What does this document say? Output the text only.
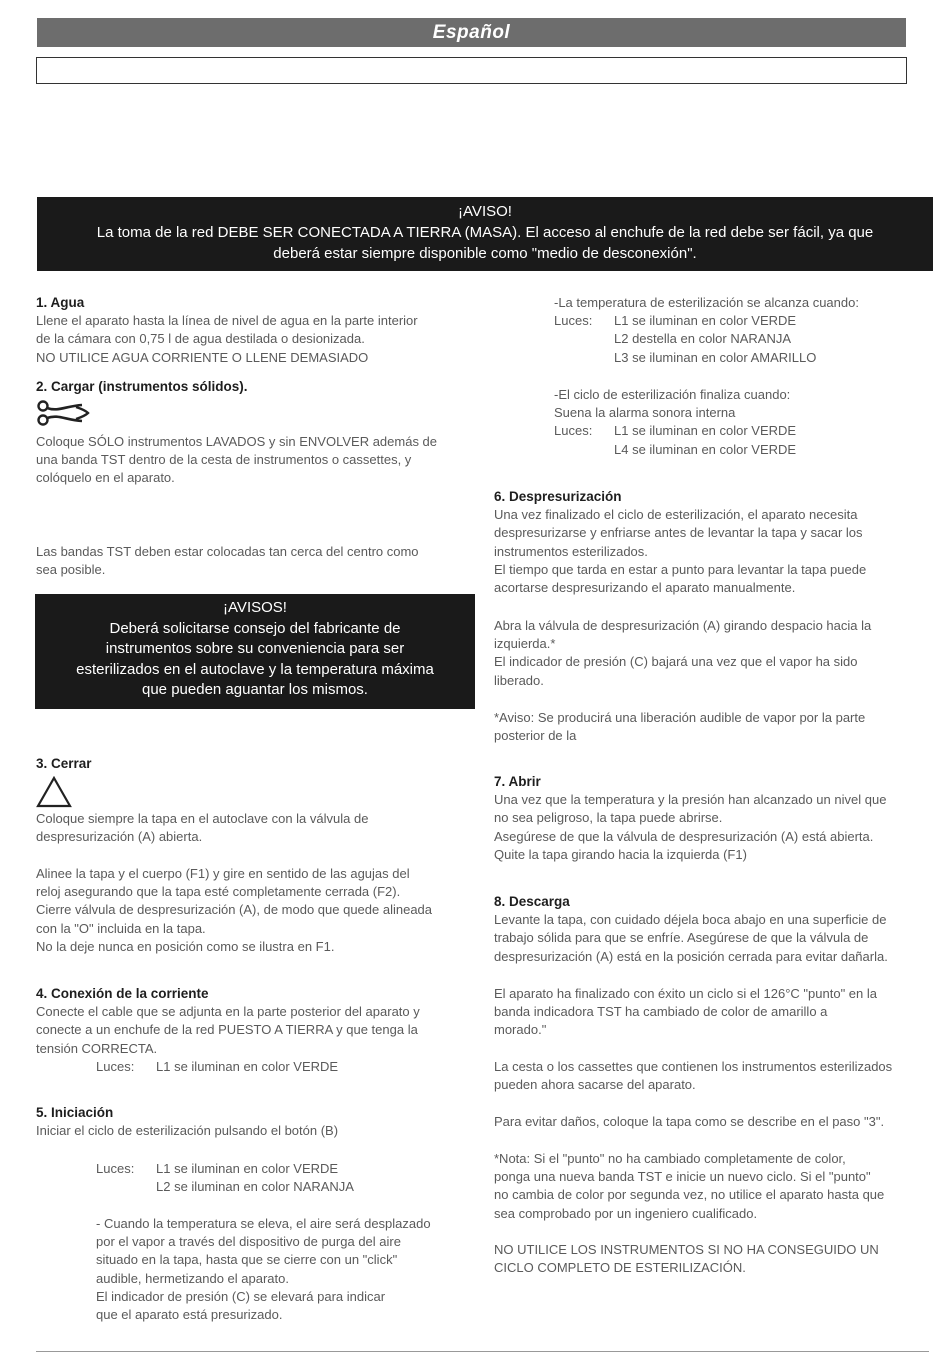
Español
¡AVISO!
La toma de la red DEBE SER CONECTADA A TIERRA (MASA). El acceso al enchufe de la red debe ser fácil, ya que
deberá estar siempre disponible como "medio de desconexión".

1. Agua

Llene el aparato hasta la línea de nivel de agua en la parte interior

de la cámara con 0,75 l de agua destilada o desionizada.

NO UTILICE AGUA CORRIENTE O LLENE DEMASIADO

2. Cargar (instrumentos sólidos).

Coloque SÓLO instrumentos LAVADOS y sin ENVOLVER además de

una banda TST dentro de la cesta de instrumentos o cassettes, y

colóquelo en el aparato.

Las bandas TST deben estar colocadas tan cerca del centro como

sea posible.

¡AVISOS!
Deberá solicitarse consejo del fabricante de
instrumentos sobre su conveniencia para ser
esterilizados en el autoclave y la temperatura máxima
que pueden aguantar los mismos.

3. Cerrar

Coloque siempre la tapa en el autoclave con la válvula de

despresurización (A) abierta.

Alinee la tapa y el cuerpo (F1) y gire en sentido de las agujas del

reloj asegurando que la tapa esté completamente cerrada (F2).

Cierre válvula de despresurización (A), de modo que quede alineada

con la "O" incluida en la tapa.

No la deje nunca en posición como se ilustra en F1.

4. Conexión de la corriente

Conecte el cable que se adjunta en la parte posterior del aparato y

conecte a un enchufe de la red PUESTO A TIERRA y que tenga la

tensión CORRECTA.

Luces:	L1 se iluminan en color VERDE

5. Iniciación

Iniciar el ciclo de esterilización pulsando el botón (B)

Luces:	L1 se iluminan en color VERDE
L2 se iluminan en color NARANJA

- Cuando la temperatura se eleva, el aire será desplazado

por el vapor a través del dispositivo de purga del aire

situado en la tapa, hasta que se cierre con un "click"

audible, hermetizando el aparato.

El indicador de presión (C) se elevará para indicar

que el aparato está presurizado.

-La temperatura de esterilización se alcanza cuando:

Luces:	L1 se iluminan en color VERDE
L2 destella en color NARANJA
L3 se iluminan en color AMARILLO

-El ciclo de esterilización finaliza cuando:

Suena la alarma sonora interna

Luces:	L1 se iluminan en color VERDE
L4 se iluminan en color VERDE

6. Despresurización

Una vez finalizado el ciclo de esterilización, el aparato necesita

despresurizarse y enfriarse antes de levantar la tapa y sacar los

instrumentos esterilizados.

El tiempo que tarda en estar a punto para levantar la tapa puede

acortarse despresurizando el aparato manualmente.

Abra la válvula de despresurización (A) girando despacio hacia la

izquierda.*

El indicador de presión (C) bajará una vez que el vapor ha sido

liberado.

*Aviso: Se producirá una liberación audible de vapor por la parte

posterior de la

7. Abrir

Una vez que la temperatura y la presión han alcanzado un nivel que

no sea peligroso, la tapa puede abrirse.

Asegúrese de que la válvula de despresurización (A) está abierta.

Quite la tapa girando hacia la izquierda (F1)

8. Descarga

Levante la tapa, con cuidado déjela boca abajo en una superficie de

trabajo sólida para que se enfríe. Asegúrese de que la válvula de

despresurización (A) está en la posición cerrada para evitar dañarla.

El aparato ha finalizado con éxito un ciclo si el 126°C "punto" en la

banda indicadora TST ha cambiado de color de amarillo a

morado."

La cesta o los cassettes que contienen los instrumentos esterilizados

pueden ahora sacarse del aparato.

Para evitar daños, coloque la tapa como se describe en el paso "3".

*Nota: Si el "punto" no ha cambiado completamente de color,

ponga una nueva banda TST e inicie un nuevo ciclo. Si el "punto"

no cambia de color por segunda vez, no utilice el aparato hasta que

sea comprobado por un ingeniero cualificado.

NO UTILICE LOS INSTRUMENTOS SI NO HA CONSEGUIDO UN

CICLO COMPLETO DE ESTERILIZACIÓN.
